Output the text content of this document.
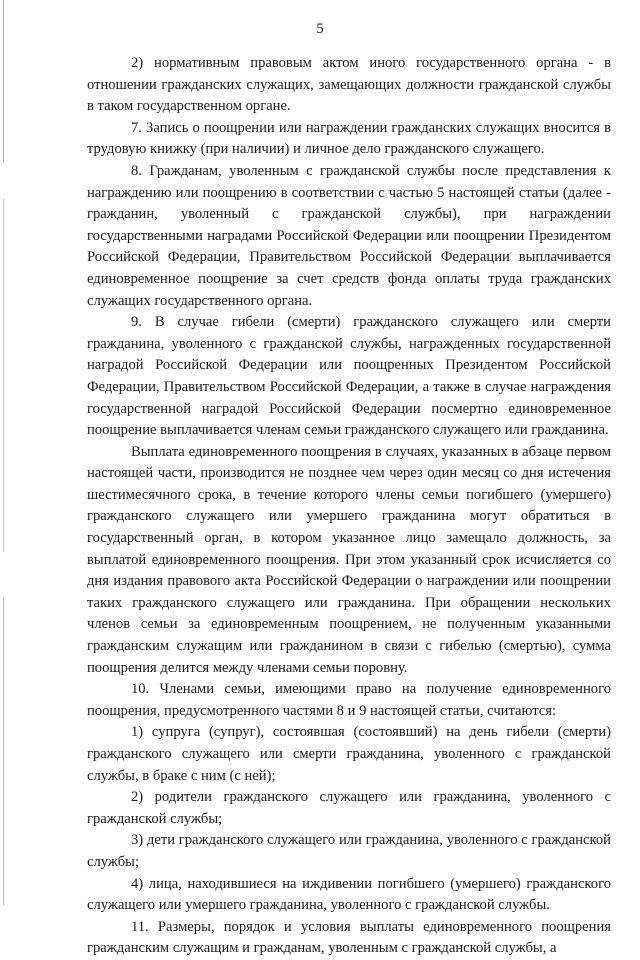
5

2) нормативным правовым актом иного государственного органа - в отношении гражданских служащих, замещающих должности гражданской службы в таком государственном органе.

7. Запись о поощрении или награждении гражданских служащих вносится в трудовую книжку (при наличии) и личное дело гражданского служащего.

8. Гражданам, уволенным с гражданской службы после представления к награждению или поощрению в соответствии с частью 5 настоящей статьи (далее - гражданин, уволенный с гражданской службы), при награждении государственными наградами Российской Федерации или поощрении Президентом Российской Федерации, Правительством Российской Федерации выплачивается единовременное поощрение за счет средств фонда оплаты труда гражданских служащих государственного органа.

9. В случае гибели (смерти) гражданского служащего или смерти гражданина, уволенного с гражданской службы, награжденных государственной наградой Российской Федерации или поощренных Президентом Российской Федерации, Правительством Российской Федерации, а также в случае награждения государственной наградой Российской Федерации посмертно единовременное поощрение выплачивается членам семьи гражданского служащего или гражданина.

Выплата единовременного поощрения в случаях, указанных в абзаце первом настоящей части, производится не позднее чем через один месяц со дня истечения шестимесячного срока, в течение которого члены семьи погибшего (умершего) гражданского служащего или умершего гражданина могут обратиться в государственный орган, в котором указанное лицо замещало должность, за выплатой единовременного поощрения. При этом указанный срок исчисляется со дня издания правового акта Российской Федерации о награждении или поощрении таких гражданского служащего или гражданина. При обращении нескольких членов семьи за единовременным поощрением, не полученным указанными гражданским служащим или гражданином в связи с гибелью (смертью), сумма поощрения делится между членами семьи поровну.

10. Членами семьи, имеющими право на получение единовременного поощрения, предусмотренного частями 8 и 9 настоящей статьи, считаются:

1) супруга (супруг), состоявшая (состоявший) на день гибели (смерти) гражданского служащего или смерти гражданина, уволенного с гражданской службы, в браке с ним (с ней);

2) родители гражданского служащего или гражданина, уволенного с гражданской службы;

3) дети гражданского служащего или гражданина, уволенного с гражданской службы;

4) лица, находившиеся на иждивении погибшего (умершего) гражданского служащего или умершего гражданина, уволенного с гражданской службы.

11. Размеры, порядок и условия выплаты единовременного поощрения гражданским служащим и гражданам, уволенным с гражданской службы, а
